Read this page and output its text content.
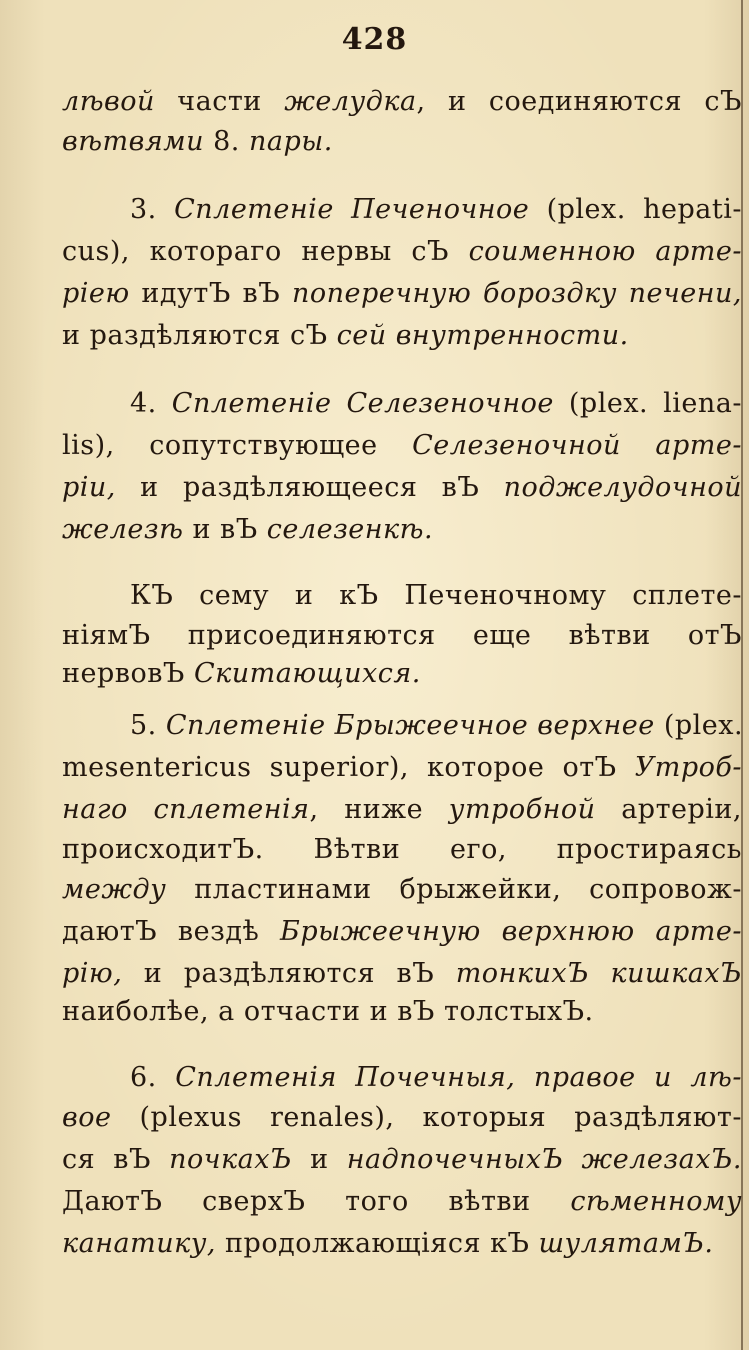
428
лѣвой части желудка, и соединяются сЪ
вѣтвями 8. пары.
3. Сплетеніе Печеночное (plex. hepati-
cus), котораго нервы сЪ соименною арте-
ріею идутЪ вЪ поперечную бороздку печени,
и раздѣляются сЪ сей внутренности.
4. Сплетеніе Селезеночное (plex. liena-
lis), сопутствующее Селезеночной арте-
ріи, и раздѣляющееся вЪ поджелудочной
железѣ и вЪ селезенкѣ.
КЪ сему и кЪ Печеночному сплете-
ніямЪ присоединяются еще вѣтви отЪ
нервовЪ Скитающихся.
5. Сплетеніе Брыжеечное верхнее (plex.
mesentericus superior), которое отЪ Утроб-
наго сплетенія, ниже утробной артеріи,
происходитЪ. Вѣтви его, простираясь
между пластинами брыжейки, сопровож-
даютЪ вездѣ Брыжеечную верхнюю арте-
рію, и раздѣляются вЪ тонкихЪ кишкахЪ
наиболѣе, а отчасти и вЪ толстыхЪ.
6. Сплетенія Почечныя, правое и лѣ-
вое (plexus renales), которыя раздѣляют-
ся вЪ почкахЪ и надпочечныхЪ железахЪ.
ДаютЪ сверхЪ того вѣтви сѣменному
канатику, продолжающіяся кЪ шулятамЪ.
